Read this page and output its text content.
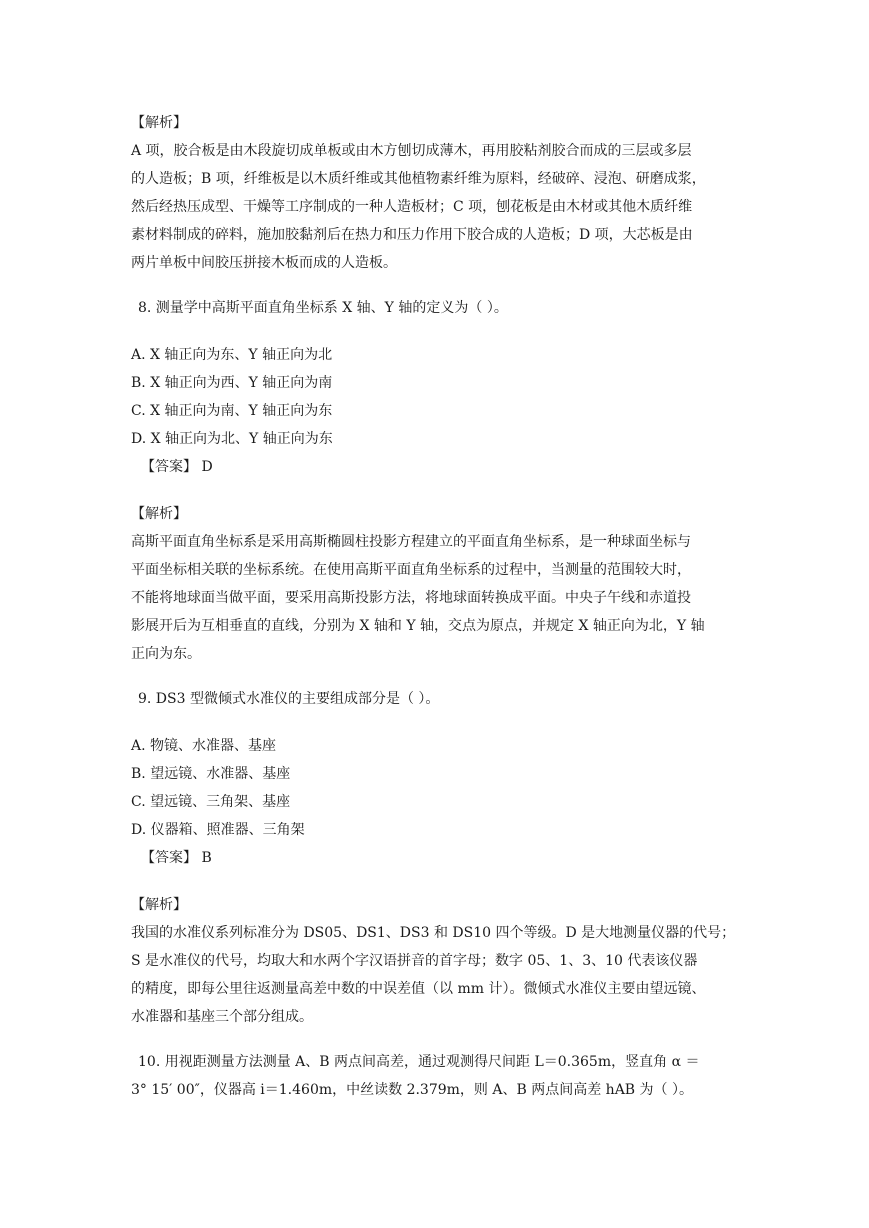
【解析】
A 项，胶合板是由木段旋切成单板或由木方刨切成薄木，再用胶粘剂胶合而成的三层或多层
的人造板；B 项，纤维板是以木质纤维或其他植物素纤维为原料，经破碎、浸泡、研磨成浆，
然后经热压成型、干燥等工序制成的一种人造板材；C 项，刨花板是由木材或其他木质纤维
素材料制成的碎料，施加胶黏剂后在热力和压力作用下胶合成的人造板；D 项，大芯板是由
两片单板中间胶压拼接木板而成的人造板。
8. 测量学中高斯平面直角坐标系 X 轴、Y 轴的定义为（ ）。
A. X 轴正向为东、Y 轴正向为北
B. X 轴正向为西、Y 轴正向为南
C. X 轴正向为南、Y 轴正向为东
D. X 轴正向为北、Y 轴正向为东
【答案】 D
【解析】
高斯平面直角坐标系是采用高斯椭圆柱投影方程建立的平面直角坐标系，是一种球面坐标与
平面坐标相关联的坐标系统。在使用高斯平面直角坐标系的过程中，当测量的范围较大时，
不能将地球面当做平面，要采用高斯投影方法，将地球面转换成平面。中央子午线和赤道投
影展开后为互相垂直的直线，分别为 X 轴和 Y 轴，交点为原点，并规定 X 轴正向为北，Y 轴
正向为东。
9. DS3 型微倾式水准仪的主要组成部分是（ ）。
A. 物镜、水准器、基座
B. 望远镜、水准器、基座
C. 望远镜、三角架、基座
D. 仪器箱、照准器、三角架
【答案】 B
【解析】
我国的水准仪系列标准分为 DS05、DS1、DS3 和 DS10 四个等级。D 是大地测量仪器的代号；
S 是水准仪的代号，均取大和水两个字汉语拼音的首字母；数字 05、1、3、10 代表该仪器
的精度，即每公里往返测量高差中数的中误差值（以 mm 计）。微倾式水准仪主要由望远镜、
水准器和基座三个部分组成。
10. 用视距测量方法测量 A、B 两点间高差，通过观测得尺间距 L＝0.365m，竖直角 α ＝
3° 15′ 00″，仪器高 i＝1.460m，中丝读数 2.379m，则 A、B 两点间高差 hAB 为（ ）。
